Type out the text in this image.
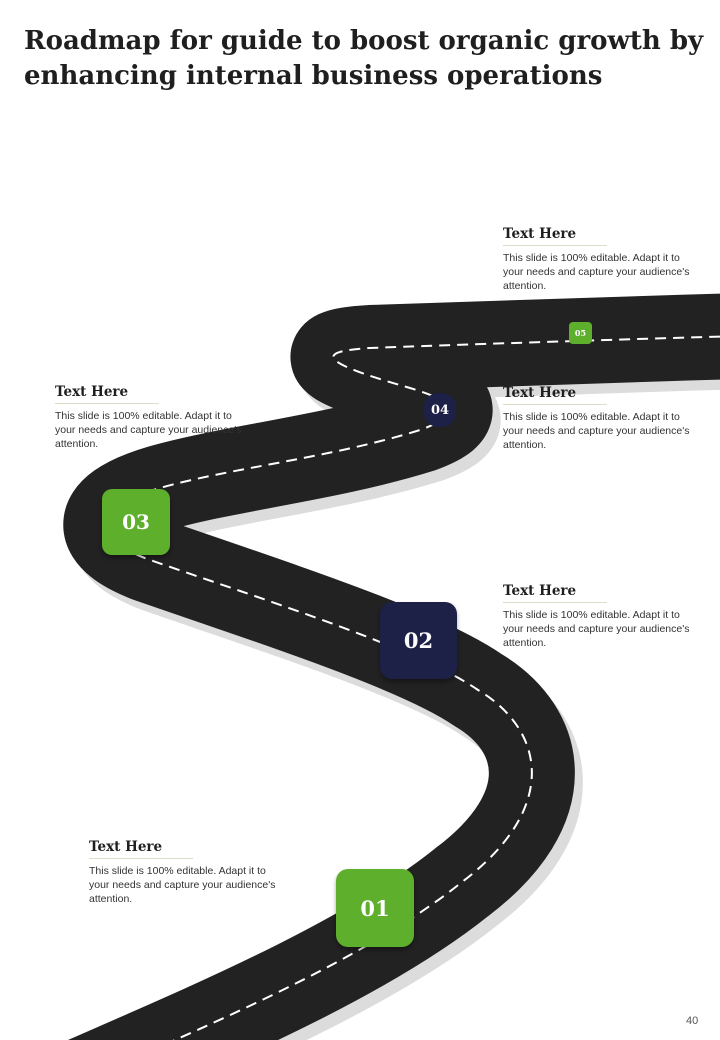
Roadmap for guide to boost organic growth by enhancing internal business operations
01
02
03
04
05
Text Here

This slide is 100% editable. Adapt it to your needs and capture your audience's attention.

Text Here

This slide is 100% editable. Adapt it to your needs and capture your audience's attention.

Text Here

This slide is 100% editable. Adapt it to your needs and capture your audience's attention.

Text Here

This slide is 100% editable. Adapt it to your needs and capture your audience's attention.

Text Here

This slide is 100% editable. Adapt it to your needs and capture your audience's attention.

40
